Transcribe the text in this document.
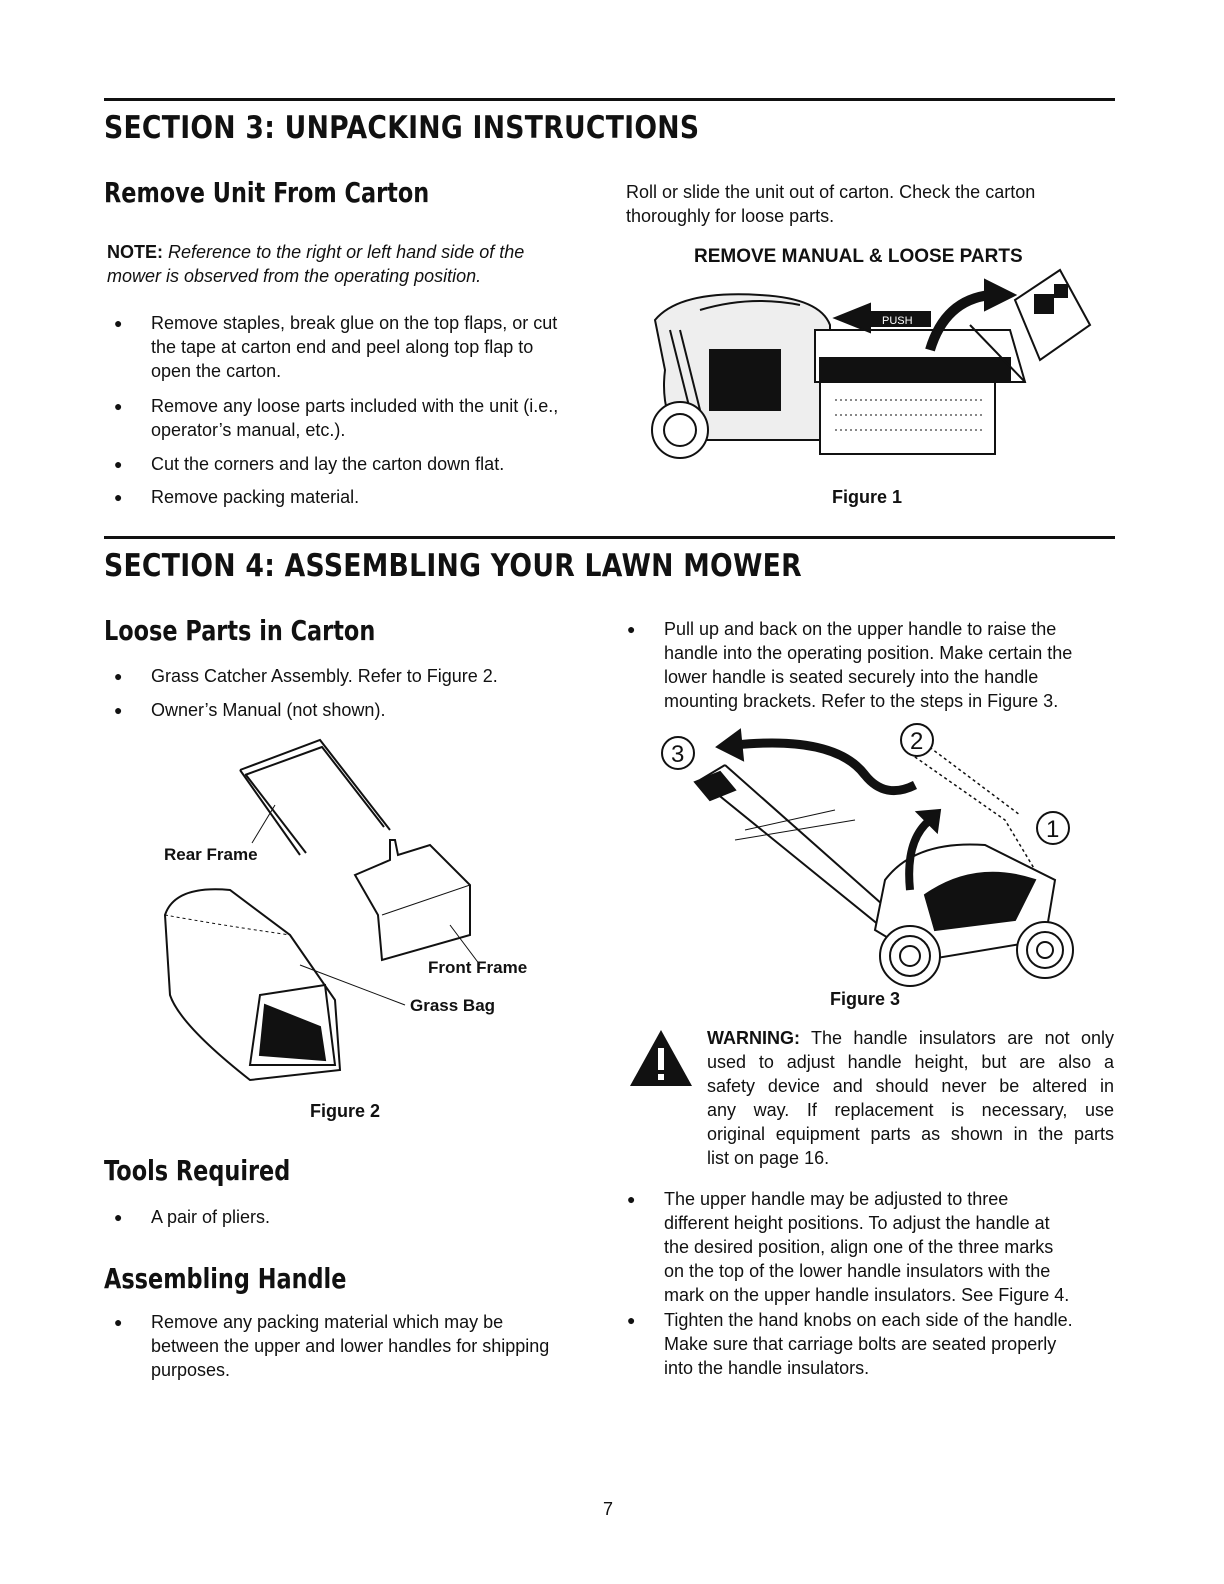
SECTION 3: UNPACKING INSTRUCTIONS
Remove Unit From Carton
NOTE: Reference to the right or left hand side of the
mower is observed from the operating position.
● Remove staples, break glue on the top flaps, or cut
the tape at carton end and peel along top flap to
open the carton.
● Remove any loose parts included with the unit (i.e.,
operator’s manual, etc.).
● Cut the corners and lay the carton down flat.
● Remove packing material.
Roll or slide the unit out of carton. Check the carton
thoroughly for loose parts.
REMOVE MANUAL & LOOSE PARTS
PUSH
Figure 1
SECTION 4: ASSEMBLING YOUR LAWN MOWER
Loose Parts in Carton
● Grass Catcher Assembly. Refer to Figure 2.
● Owner’s Manual (not shown).
Rear Frame
Front Frame
Grass Bag
Figure 2
Tools Required
● A pair of pliers.
Assembling Handle
● Remove any packing material which may be
between the upper and lower handles for shipping
purposes.
● Pull up and back on the upper handle to raise the
handle into the operating position. Make certain the
lower handle is seated securely into the handle
mounting brackets. Refer to the steps in Figure 3.
3	2
1
Figure 3
WARNING: The handle insulators are not only
used to adjust handle height, but are also a
safety device and should never be altered in
any way. If replacement is necessary, use
original equipment parts as shown in the parts
list on page 16.
● The upper handle may be adjusted to three
different height positions. To adjust the handle at
the desired position, align one of the three marks
on the top of the lower handle insulators with the
mark on the upper handle insulators. See Figure 4.
● Tighten the hand knobs on each side of the handle.
Make sure that carriage bolts are seated properly
into the handle insulators.
7
